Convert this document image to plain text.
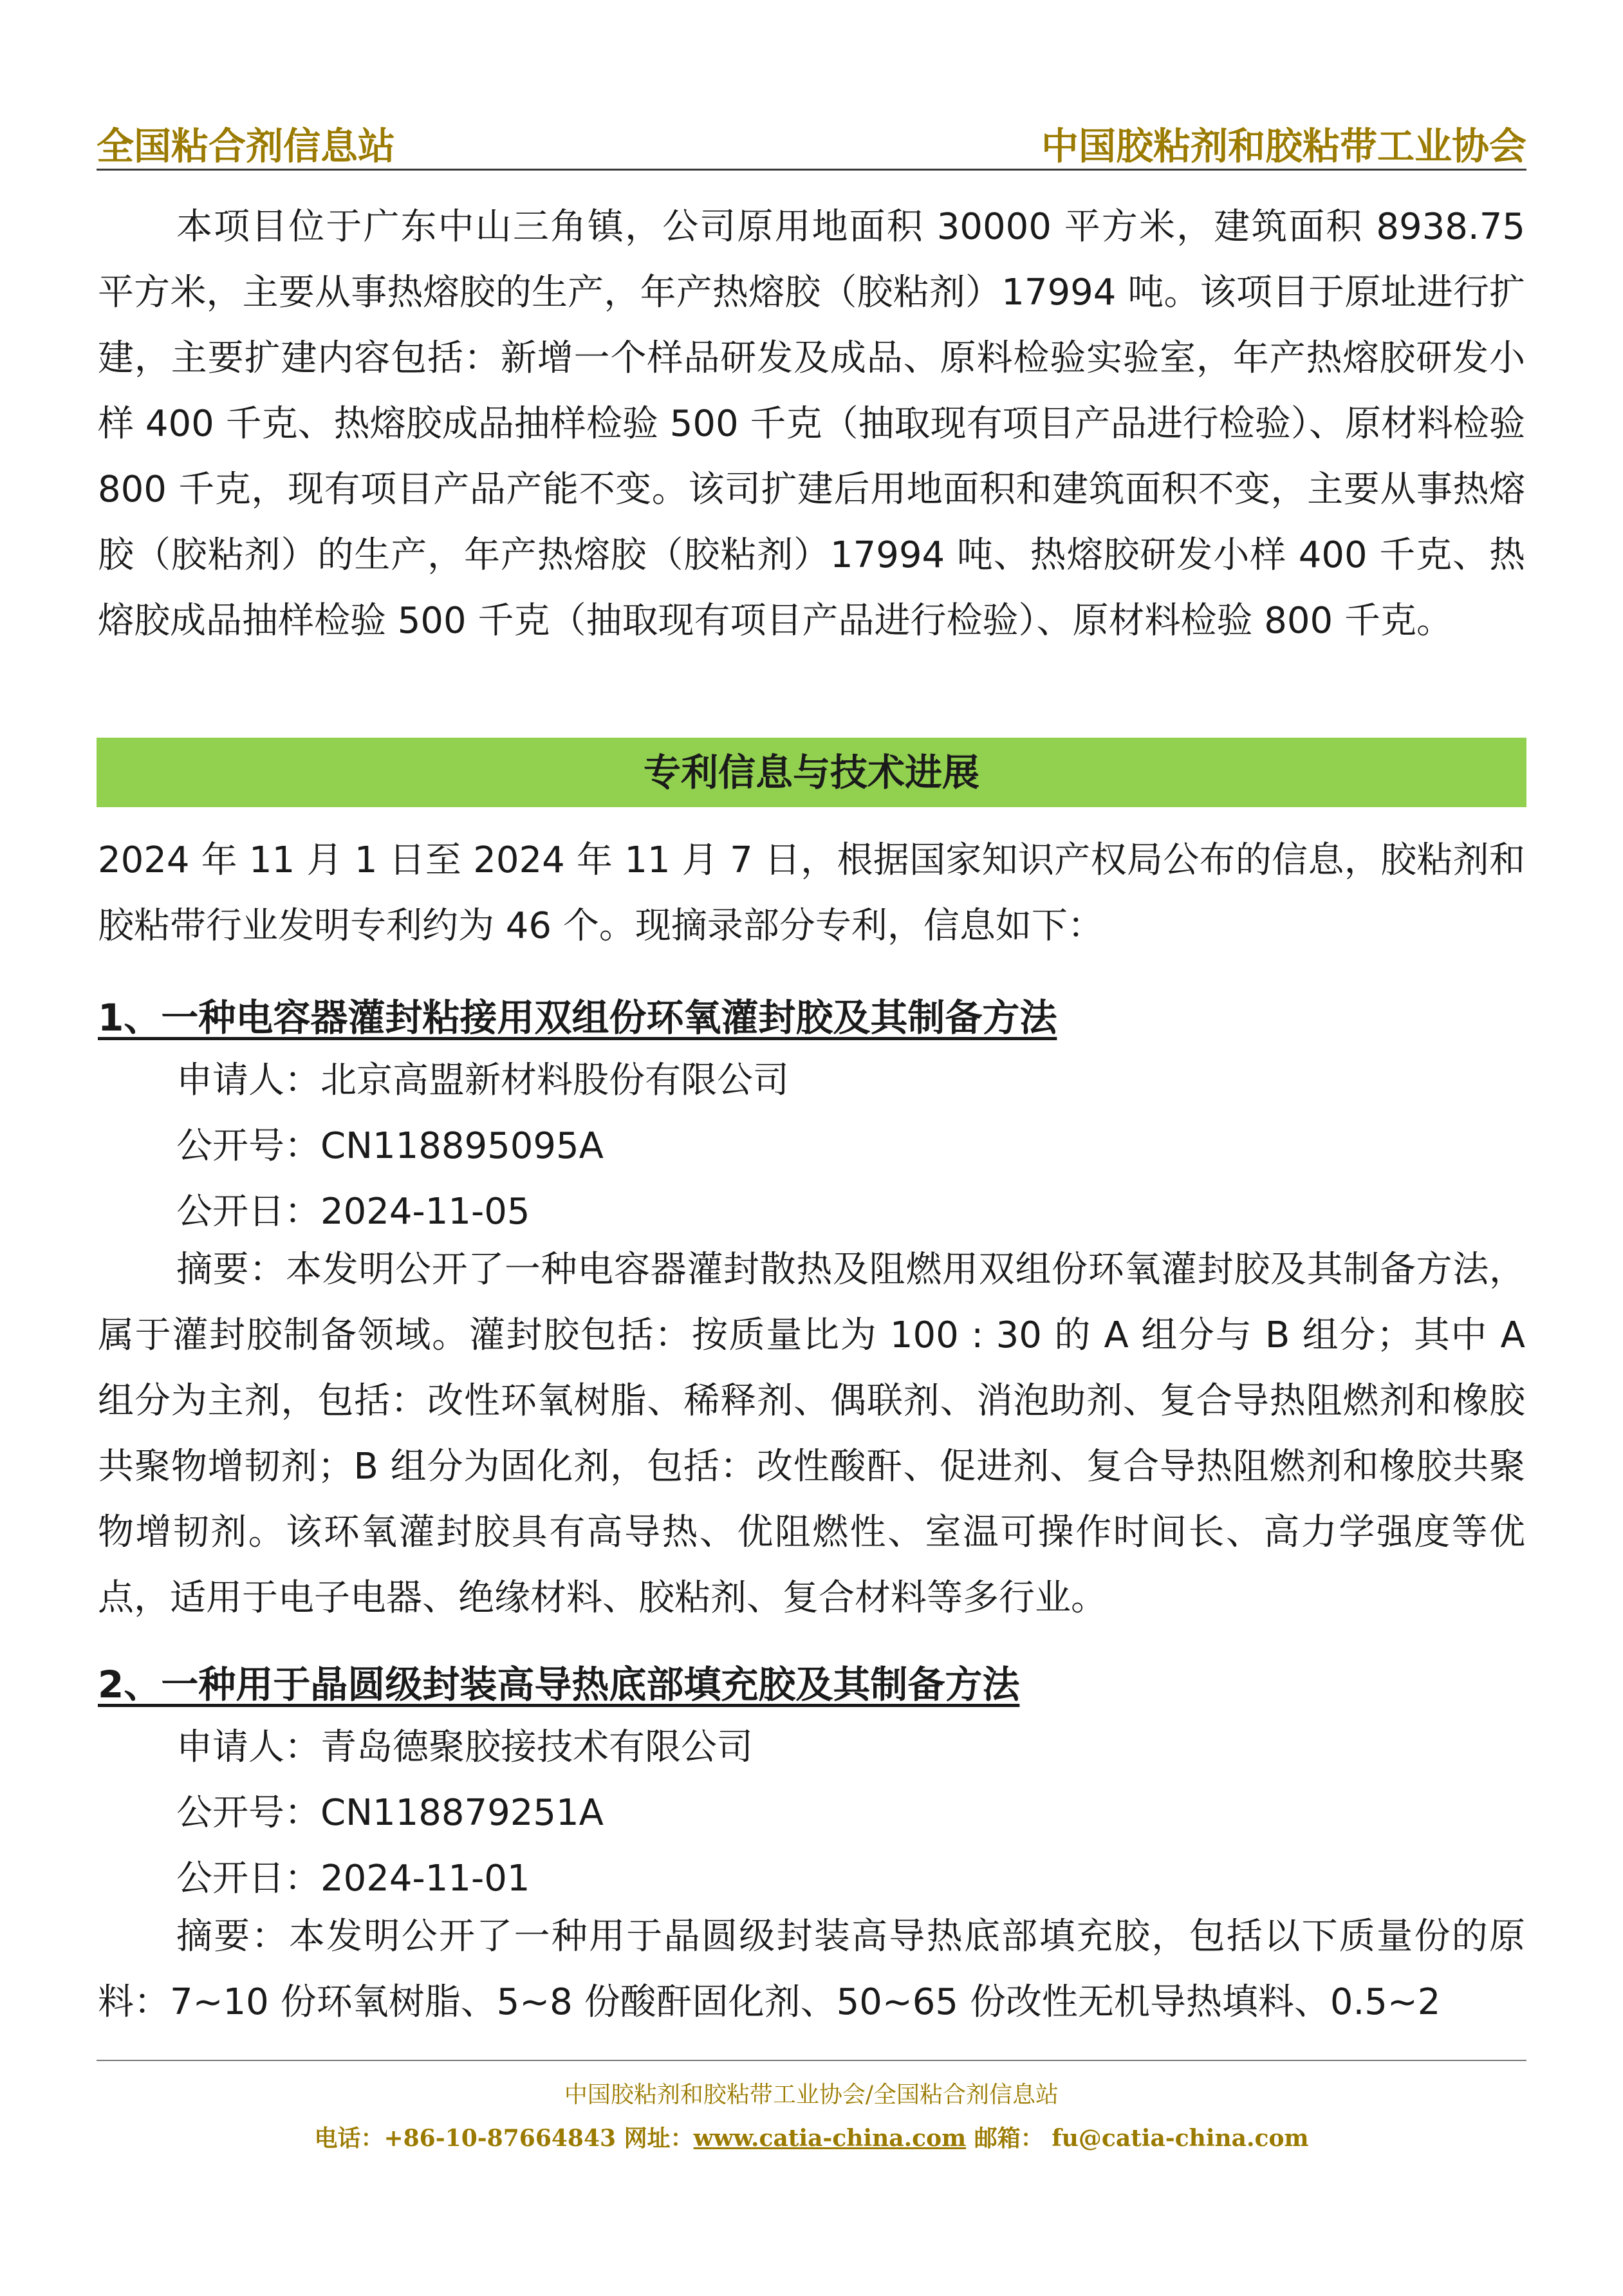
全国粘合剂信息站	中国胶粘剂和胶粘带工业协会
本项目位于广东中山三角镇，公司原用地面积 30000 平方米，建筑面积 8938.75 平方米，主要从事热熔胶的生产，年产热熔胶（胶粘剂）17994 吨。该项目于原址进行扩建，主要扩建内容包括：新增一个样品研发及成品、原料检验实验室，年产热熔胶研发小样 400 千克、热熔胶成品抽样检验 500 千克（抽取现有项目产品进行检验）、原材料检验 800 千克，现有项目产品产能不变。该司扩建后用地面积和建筑面积不变，主要从事热熔胶（胶粘剂）的生产，年产热熔胶（胶粘剂）17994 吨、热熔胶研发小样 400 千克、热熔胶成品抽样检验 500 千克（抽取现有项目产品进行检验）、原材料检验 800 千克。
专利信息与技术进展
2024 年 11 月 1 日至 2024 年 11 月 7 日，根据国家知识产权局公布的信息，胶粘剂和胶粘带行业发明专利约为 46 个。现摘录部分专利，信息如下：
1、一种电容器灌封粘接用双组份环氧灌封胶及其制备方法
申请人：北京高盟新材料股份有限公司
公开号：CN118895095A
公开日：2024-11-05
摘要：本发明公开了一种电容器灌封散热及阻燃用双组份环氧灌封胶及其制备方法，属于灌封胶制备领域。灌封胶包括：按质量比为 100 : 30 的 A 组分与 B 组分；其中 A 组分为主剂，包括：改性环氧树脂、稀释剂、偶联剂、消泡助剂、复合导热阻燃剂和橡胶共聚物增韧剂；B 组分为固化剂，包括：改性酸酐、促进剂、复合导热阻燃剂和橡胶共聚物增韧剂。该环氧灌封胶具有高导热、优阻燃性、室温可操作时间长、高力学强度等优点，适用于电子电器、绝缘材料、胶粘剂、复合材料等多行业。
2、一种用于晶圆级封装高导热底部填充胶及其制备方法
申请人：青岛德聚胶接技术有限公司
公开号：CN118879251A
公开日：2024-11-01
摘要：本发明公开了一种用于晶圆级封装高导热底部填充胶，包括以下质量份的原料：7~10 份环氧树脂、5~8 份酸酐固化剂、50~65 份改性无机导热填料、0.5~2
中国胶粘剂和胶粘带工业协会/全国粘合剂信息站
电话：+86-10-87664843 网址：www.catia-china.com 邮箱： fu@catia-china.com
